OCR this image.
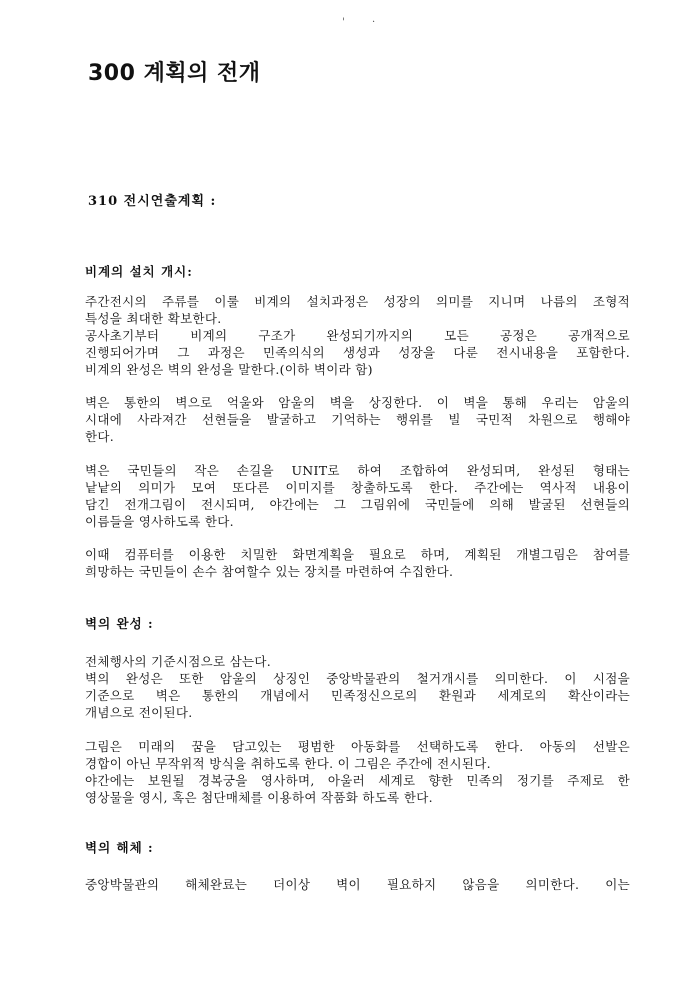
'	·
300 계획의 전개
310 전시연출계획 :
비계의 설치 개시:

주간전시의 주류를 이룰 비계의 설치과정은 성장의 의미를 지니며 나름의 조형적

특성을 최대한 확보한다.

공사초기부터 비계의 구조가 완성되기까지의 모든 공정은 공개적으로

진행되어가며 그 과정은 민족의식의 생성과 성장을 다룬 전시내용을 포함한다.

비계의 완성은 벽의 완성을 말한다.(이하 벽이라 함)

벽은 통한의 벽으로 억울와 암울의 벽을 상징한다. 이 벽을 통해 우리는 암울의

시대에 사라져간 선현들을 발굴하고 기억하는 행위를 빌 국민적 차원으로 행해야

한다.

벽은 국민들의 작은 손길을 UNIT로 하여 조합하여 완성되며, 완성된 형태는

낱낱의 의미가 모여 또다른 이미지를 창출하도록 한다. 주간에는 역사적 내용이

담긴 전개그림이 전시되며, 야간에는 그 그림위에 국민들에 의해 발굴된 선현들의

이름들을 영사하도록 한다.

이때 컴퓨터를 이용한 치밀한 화면계획을 필요로 하며, 계획된 개별그림은 참여를

희망하는 국민들이 손수 참여할수 있는 장치를 마련하여 수집한다.

벽의 완성 :

전체행사의 기준시점으로 삼는다.

벽의 완성은 또한 암울의 상징인 중앙박물관의 철거개시를 의미한다. 이 시점을

기준으로 벽은 통한의 개념에서 민족정신으로의 환원과 세계로의 확산이라는

개념으로 전이된다.

그림은 미래의 꿈을 담고있는 평범한 아동화를 선택하도록 한다. 아동의 선발은

경합이 아닌 무작위적 방식을 취하도록 한다. 이 그림은 주간에 전시된다.

야간에는 보원될 경복궁을 영사하며, 아울러 세계로 향한 민족의 정기를 주제로 한

영상물을 영시, 혹은 첨단매체를 이용하여 작품화 하도록 한다.

벽의 해체 :

중앙박물관의 해체완료는 더이상 벽이 필요하지 않음을 의미한다. 이는
